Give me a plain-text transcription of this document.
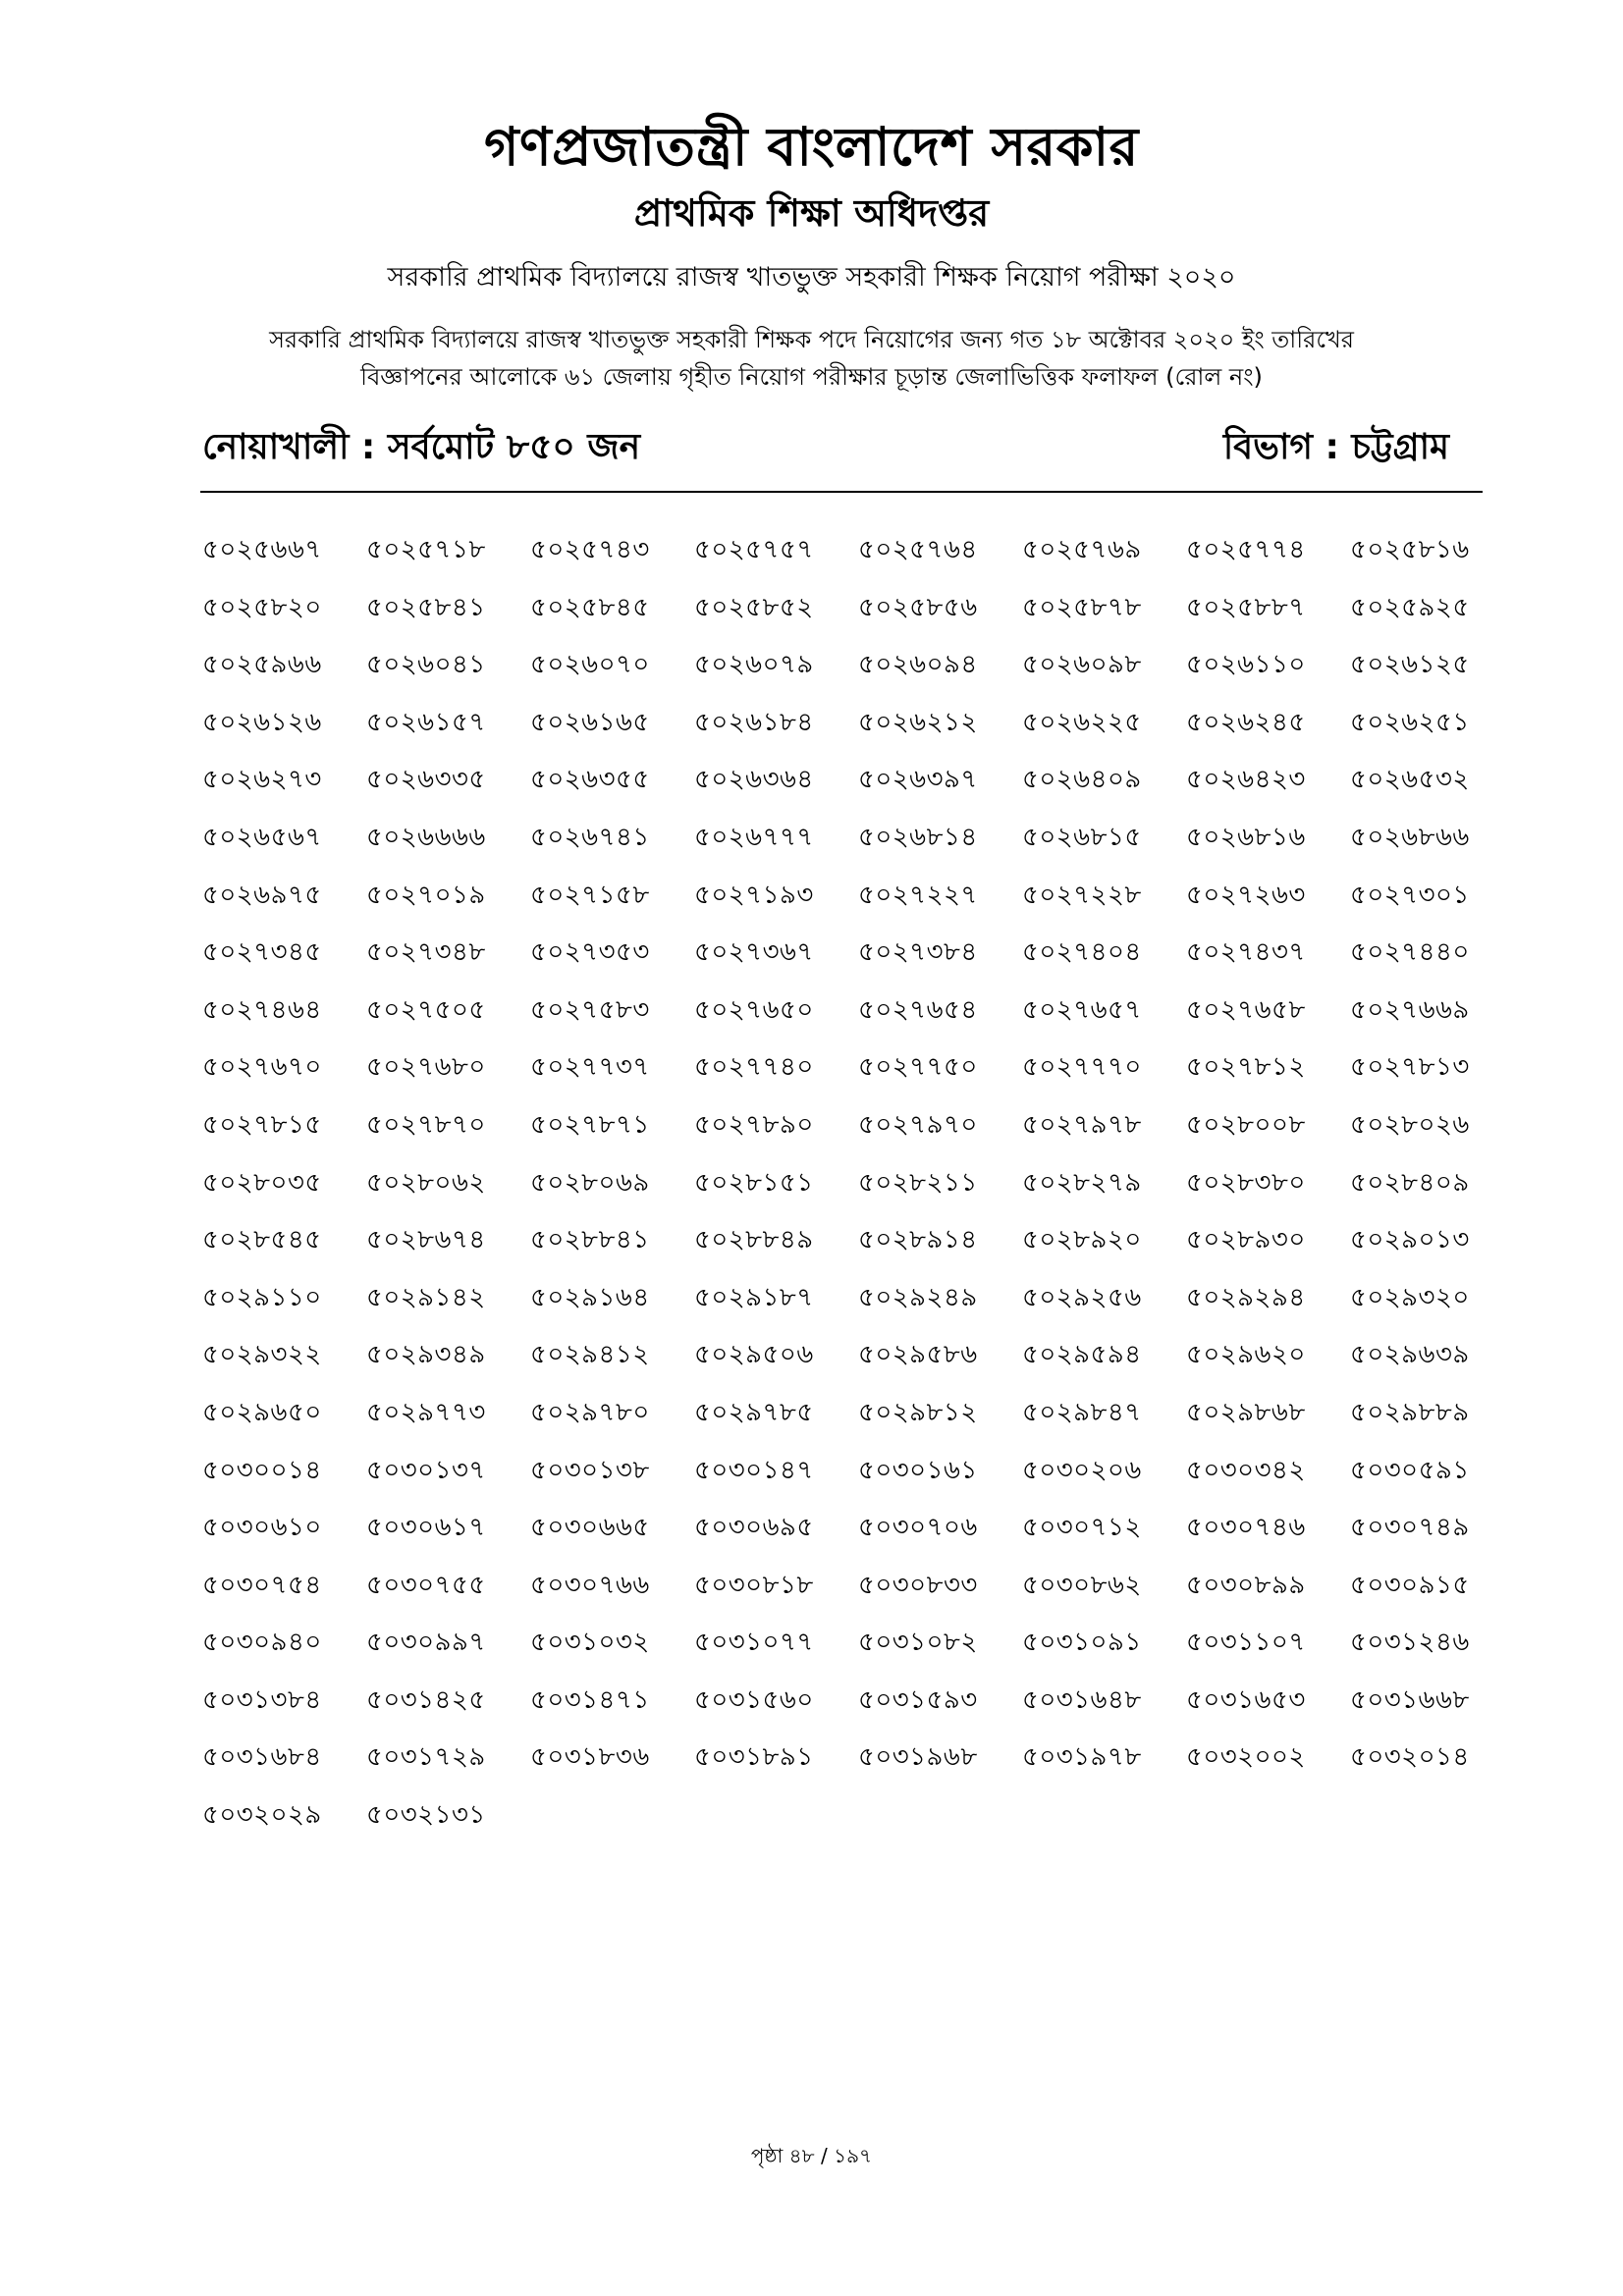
গণপ্রজাতন্ত্রী বাংলাদেশ সরকার
প্রাথমিক শিক্ষা অধিদপ্তর
সরকারি প্রাথমিক বিদ্যালয়ে রাজস্ব খাতভুক্ত সহকারী শিক্ষক নিয়োগ পরীক্ষা ২০২০
সরকারি প্রাথমিক বিদ্যালয়ে রাজস্ব খাতভুক্ত সহকারী শিক্ষক পদে নিয়োগের জন্য গত ১৮ অক্টোবর ২০২০ ইং তারিখের
বিজ্ঞাপনের আলোকে ৬১ জেলায় গৃহীত নিয়োগ পরীক্ষার চূড়ান্ত জেলাভিত্তিক ফলাফল (রোল নং)
নোয়াখালী : সর্বমোট ৮৫০ জন	বিভাগ : চট্টগ্রাম
৫০২৫৬৬৭	৫০২৫৭১৮	৫০২৫৭৪৩	৫০২৫৭৫৭	৫০২৫৭৬৪	৫০২৫৭৬৯	৫০২৫৭৭৪	৫০২৫৮১৬
৫০২৫৮২০	৫০২৫৮৪১	৫০২৫৮৪৫	৫০২৫৮৫২	৫০২৫৮৫৬	৫০২৫৮৭৮	৫০২৫৮৮৭	৫০২৫৯২৫
৫০২৫৯৬৬	৫০২৬০৪১	৫০২৬০৭০	৫০২৬০৭৯	৫০২৬০৯৪	৫০২৬০৯৮	৫০২৬১১০	৫০২৬১২৫
৫০২৬১২৬	৫০২৬১৫৭	৫০২৬১৬৫	৫০২৬১৮৪	৫০২৬২১২	৫০২৬২২৫	৫০২৬২৪৫	৫০২৬২৫১
৫০২৬২৭৩	৫০২৬৩৩৫	৫০২৬৩৫৫	৫০২৬৩৬৪	৫০২৬৩৯৭	৫০২৬৪০৯	৫০২৬৪২৩	৫০২৬৫৩২
৫০২৬৫৬৭	৫০২৬৬৬৬	৫০২৬৭৪১	৫০২৬৭৭৭	৫০২৬৮১৪	৫০২৬৮১৫	৫০২৬৮১৬	৫০২৬৮৬৬
৫০২৬৯৭৫	৫০২৭০১৯	৫০২৭১৫৮	৫০২৭১৯৩	৫০২৭২২৭	৫০২৭২২৮	৫০২৭২৬৩	৫০২৭৩০১
৫০২৭৩৪৫	৫০২৭৩৪৮	৫০২৭৩৫৩	৫০২৭৩৬৭	৫০২৭৩৮৪	৫০২৭৪০৪	৫০২৭৪৩৭	৫০২৭৪৪০
৫০২৭৪৬৪	৫০২৭৫০৫	৫০২৭৫৮৩	৫০২৭৬৫০	৫০২৭৬৫৪	৫০২৭৬৫৭	৫০২৭৬৫৮	৫০২৭৬৬৯
৫০২৭৬৭০	৫০২৭৬৮০	৫০২৭৭৩৭	৫০২৭৭৪০	৫০২৭৭৫০	৫০২৭৭৭০	৫০২৭৮১২	৫০২৭৮১৩
৫০২৭৮১৫	৫০২৭৮৭০	৫০২৭৮৭১	৫০২৭৮৯০	৫০২৭৯৭০	৫০২৭৯৭৮	৫০২৮০০৮	৫০২৮০২৬
৫০২৮০৩৫	৫০২৮০৬২	৫০২৮০৬৯	৫০২৮১৫১	৫০২৮২১১	৫০২৮২৭৯	৫০২৮৩৮০	৫০২৮৪০৯
৫০২৮৫৪৫	৫০২৮৬৭৪	৫০২৮৮৪১	৫০২৮৮৪৯	৫০২৮৯১৪	৫০২৮৯২০	৫০২৮৯৩০	৫০২৯০১৩
৫০২৯১১০	৫০২৯১৪২	৫০২৯১৬৪	৫০২৯১৮৭	৫০২৯২৪৯	৫০২৯২৫৬	৫০২৯২৯৪	৫০২৯৩২০
৫০২৯৩২২	৫০২৯৩৪৯	৫০২৯৪১২	৫০২৯৫০৬	৫০২৯৫৮৬	৫০২৯৫৯৪	৫০২৯৬২০	৫০২৯৬৩৯
৫০২৯৬৫০	৫০২৯৭৭৩	৫০২৯৭৮০	৫০২৯৭৮৫	৫০২৯৮১২	৫০২৯৮৪৭	৫০২৯৮৬৮	৫০২৯৮৮৯
৫০৩০০১৪	৫০৩০১৩৭	৫০৩০১৩৮	৫০৩০১৪৭	৫০৩০১৬১	৫০৩০২০৬	৫০৩০৩৪২	৫০৩০৫৯১
৫০৩০৬১০	৫০৩০৬১৭	৫০৩০৬৬৫	৫০৩০৬৯৫	৫০৩০৭০৬	৫০৩০৭১২	৫০৩০৭৪৬	৫০৩০৭৪৯
৫০৩০৭৫৪	৫০৩০৭৫৫	৫০৩০৭৬৬	৫০৩০৮১৮	৫০৩০৮৩৩	৫০৩০৮৬২	৫০৩০৮৯৯	৫০৩০৯১৫
৫০৩০৯৪০	৫০৩০৯৯৭	৫০৩১০৩২	৫০৩১০৭৭	৫০৩১০৮২	৫০৩১০৯১	৫০৩১১০৭	৫০৩১২৪৬
৫০৩১৩৮৪	৫০৩১৪২৫	৫০৩১৪৭১	৫০৩১৫৬০	৫০৩১৫৯৩	৫০৩১৬৪৮	৫০৩১৬৫৩	৫০৩১৬৬৮
৫০৩১৬৮৪	৫০৩১৭২৯	৫০৩১৮৩৬	৫০৩১৮৯১	৫০৩১৯৬৮	৫০৩১৯৭৮	৫০৩২০০২	৫০৩২০১৪
৫০৩২০২৯	৫০৩২১৩১
পৃষ্ঠা ৪৮ / ১৯৭
